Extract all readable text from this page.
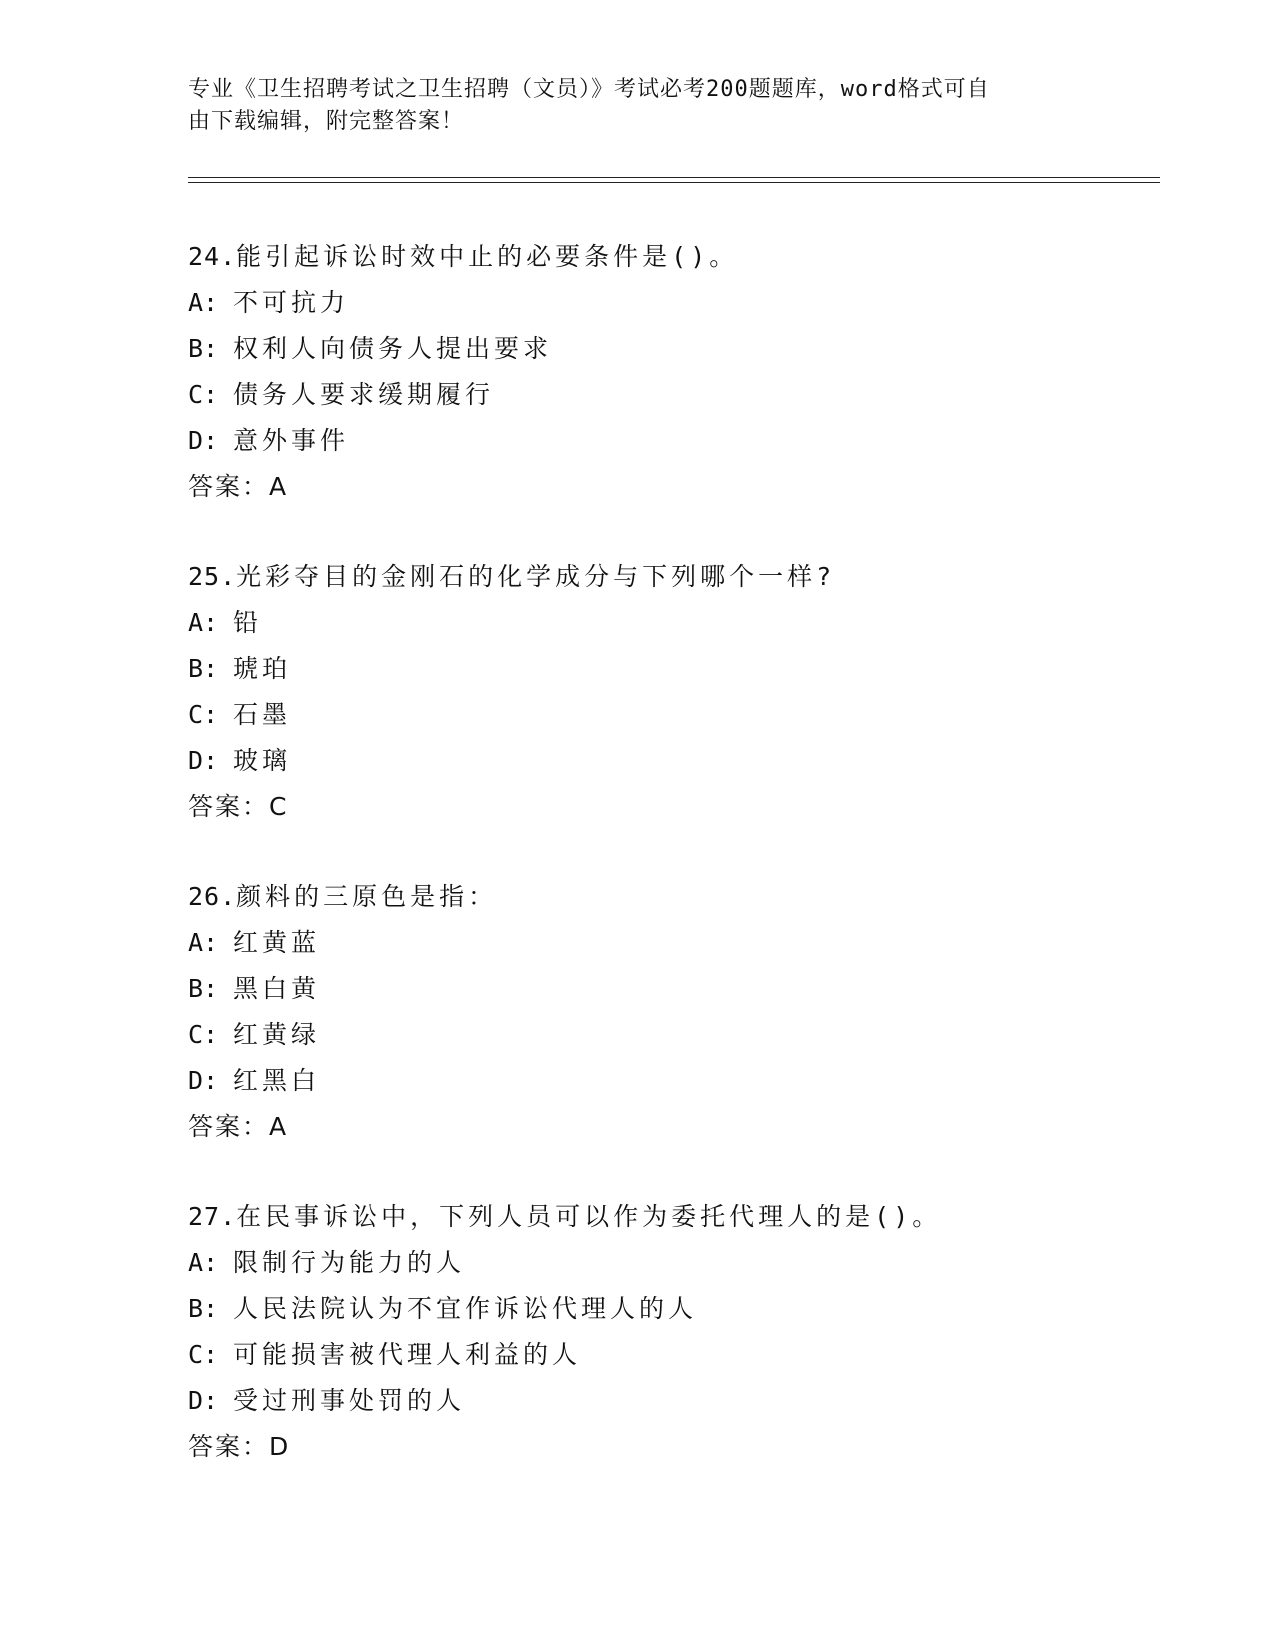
专业《卫生招聘考试之卫生招聘（文员）》考试必考200题题库，word格式可自
由下载编辑，附完整答案！
24.能引起诉讼时效中止的必要条件是()。
A: 不可抗力
B: 权利人向债务人提出要求
C: 债务人要求缓期履行
D: 意外事件
答案：A
25.光彩夺目的金刚石的化学成分与下列哪个一样?
A: 铅
B: 琥珀
C: 石墨
D: 玻璃
答案：C
26.颜料的三原色是指：
A: 红黄蓝
B: 黑白黄
C: 红黄绿
D: 红黑白
答案：A
27.在民事诉讼中，下列人员可以作为委托代理人的是()。
A: 限制行为能力的人
B: 人民法院认为不宜作诉讼代理人的人
C: 可能损害被代理人利益的人
D: 受过刑事处罚的人
答案：D
